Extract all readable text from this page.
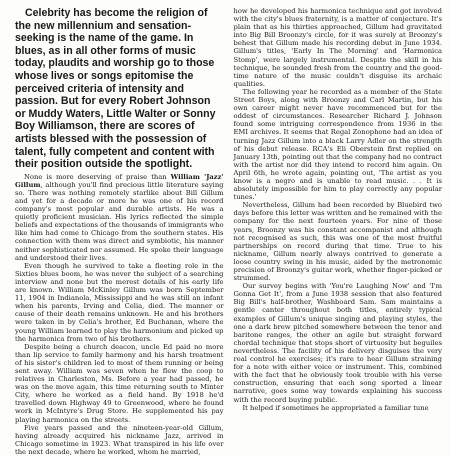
Celebrity has become the religion of the new millennium and sensation-seeking is the name of the game. In blues, as in all other forms of music today, plaudits and worship go to those whose lives or songs epitomise the perceived criteria of intensity and passion. But for every Robert Johnson or Muddy Waters, Little Walter or Sonny Boy Williamson, there are scores of artists blessed with the possession of talent, fully competent and content with their position outside the spotlight.

None is more deserving of praise than William 'Jazz' Gillum, although you'll find precious little literature saying so. There was nothing remotely starlike about Bill Gillum and yet for a decade or more he was one of his record company's most popular and durable artists. He was a quietly proficient musician. His lyrics reflected the simple beliefs and expectations of the thousands of immigrants who like him had come to Chicago from the southern states. His connection with them was direct and symbiotic, his manner neither sophisticated nor assumed. He spoke their language and understood their lives.

Even though he survived to take a fleeting role in the Sixties blues boom, he was never the subject of a searching interview and none but the merest details of his early life are known. William McKinley Gillum was born September 11, 1904 in Indianola, Mississippi and he was still an infant when his parents, Irving and Celia, died. The manner or cause of their death remains unknown. He and his brothers were taken in by Celia's brother, Ed Buchanan, where the young William learned to play the harmonium and picked up the harmonica from two of his brothers.

Despite being a church deacon, uncle Ed paid no more than lip service to family harmony and his harsh treatment of his sister's children led to most of them running or being sent away. William was seven when he flew the coop to relatives in Charleston, Ms. Before a year had passed, he was on the move again, this time returning south to Minter City, where he worked as a field hand. By 1918 he'd travelled down Highway 49 to Greenwood, where he found work in McIntyre's Drug Store. He supplemented his pay playing harmonica on the streets.

Five years passed and the nineteen-year-old Gillum, having already acquired his nickname Jazz, arrived in Chicago sometime in 1923. What transpired in his life over the next decade, where he worked, whom he married,

how he developed his harmonica technique and got involved with the city's blues fraternity, is a matter of conjecture. It's plain that as his thirties approached, Gillum had gravitated into Big Bill Broonzy's circle, for it was surely at Broonzy's behest that Gillum made his recording debut in June 1934. Gillum's titles, 'Early In The Morning' and 'Harmonica Stomp', were largely instrumental. Despite the skill in his technique, he sounded fresh from the country and the good-time nature of the music couldn't disguise its archaic qualities.

The following year he recorded as a member of the State Street Boys, along with Broonzy and Carl Martin, but his own career might never have recommenced but for the oddest of circumstances. Researcher Richard J. Johnson found some intriguing correspondence from 1936 in the EMI archives. It seems that Regal Zonophone had an idea of turning Jazz Gillum into a black Larry Adler on the strength of his debut release. RCA's Eli Oberstein first replied on January 13th, pointing out that the company had no contract with the artist nor did they intend to record him again. On April 6th, he wrote again, pointing out, 'The artist as you know is a negro and is unable to read music. . . It is absolutely impossible for him to play correctly any popular tunes.'

Nevertheless, Gillum had been recorded by Bluebird two days before this letter was written and he remained with the company for the next fourteen years. For nine of those years, Broonzy was his constant accompanist and although not recognised as such, this was one of the most fruitful partnerships on record during that time. True to his nickname, Gillum nearly always contrived to generate a loose country swing in his music, aided by the metronomic precision of Broonzy's guitar work, whether finger-picked or strummed.

Our survey begins with 'You're Laughing Now' and 'I'm Gonna Get It', from a June 1938 session that also featured Big Bill's half-brother, Washboard Sam. Sam maintains a gentle canter throughout both titles, entirely typical examples of Gillum's unique singing and playing styles, the one a dark brew pitched somewhere between the tenor and baritone ranges, the other an agile but straight forward chordal technique that stops short of virtuosity but beguiles nevertheless. The facility of his delivery disguises the very real control he exercises; it's rare to hear Gillum straining for a note with either voice or instrument. This, combined with the fact that he obviously took trouble with his verse construction, ensuring that each song sported a linear narrative, goes some way towards explaining his success with the record buying public.

It helped if sometimes he appropriated a familiar tune
